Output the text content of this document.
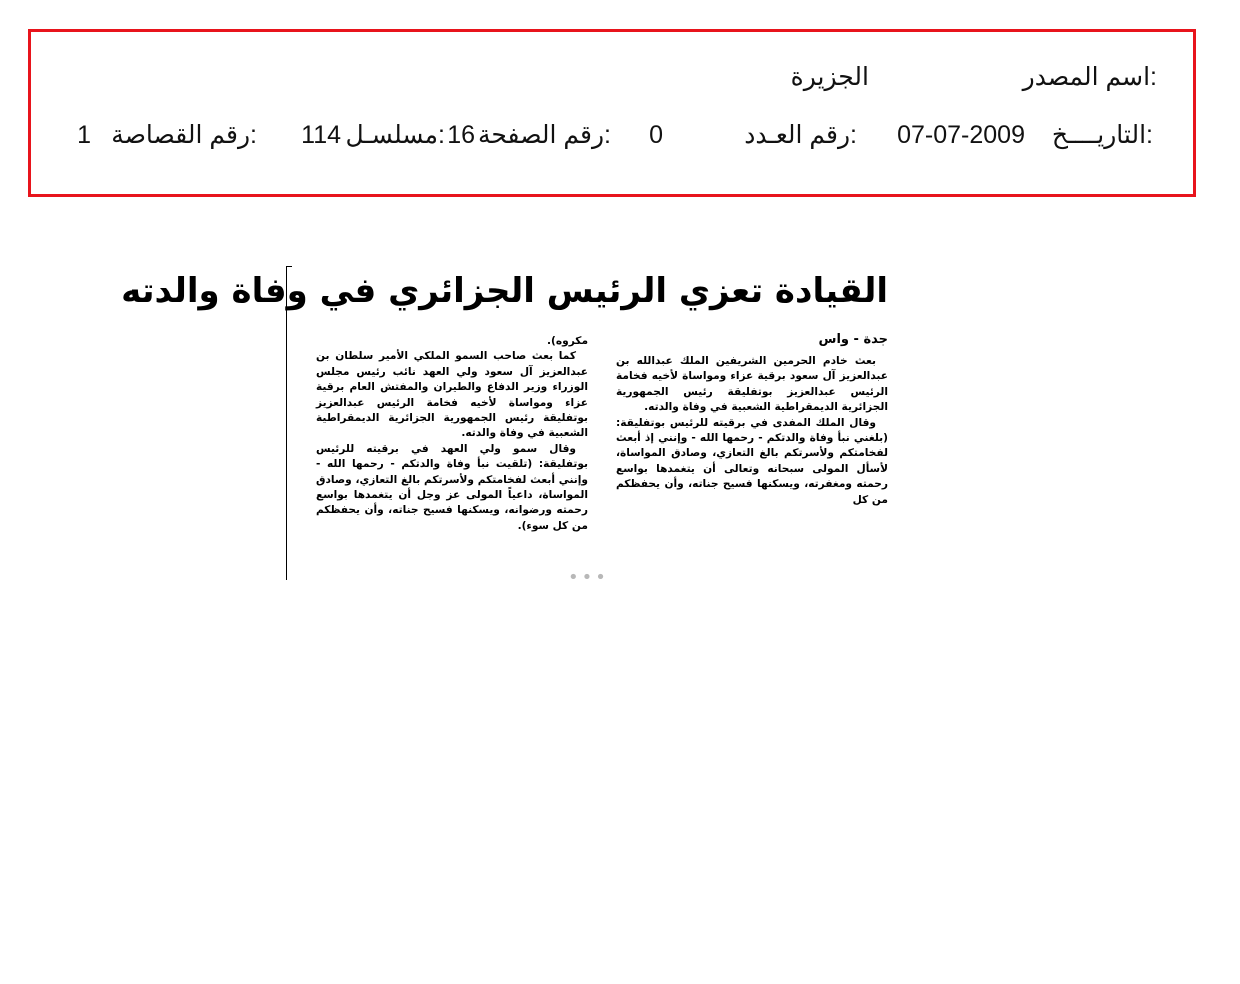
اسم المصدر:
الجزيرة
التاريــــخ:
07-07-2009
رقم العـدد:
0
رقم الصفحة:
16
مسلسـل:
114
رقم القصاصة:
1
القيادة تعزي الرئيس الجزائري في وفاة والدته
جدة - واس

بعث خادم الحرمين الشريفين الملك عبدالله بن عبدالعزيز آل سعود برقية عزاء ومواساة لأخيه فخامة الرئيس عبدالعزيز بوتفليقة رئيس الجمهورية الجزائرية الديمقراطية الشعبية في وفاة والدته.

وقال الملك المفدى في برقيته للرئيس بوتفليقة: (بلغني نبأ وفاة والدتكم - رحمها الله - وإنني إذ أبعث لفخامتكم ولأسرتكم بالغ التعازي، وصادق المواساة، لأسأل المولى سبحانه وتعالى أن يتغمدها بواسع رحمته ومغفرته، ويسكنها فسيح جناته، وأن يحفظكم من كل

مكروه).

كما بعث صاحب السمو الملكي الأمير سلطان بن عبدالعزيز آل سعود ولي العهد نائب رئيس مجلس الوزراء وزير الدفاع والطيران والمفتش العام برقية عزاء ومواساة لأخيه فخامة الرئيس عبدالعزيز بوتفليقة رئيس الجمهورية الجزائرية الديمقراطية الشعبية في وفاة والدته.

وقال سمو ولي العهد في برقيته للرئيس بوتفليقة: (تلقيت نبأ وفاة والدتكم - رحمها الله - وإنني أبعث لفخامتكم ولأسرتكم بالغ التعازي، وصادق المواساة، داعياً المولى عز وجل أن يتغمدها بواسع رحمته ورضوانه، ويسكنها فسيح جناته، وأن يحفظكم من كل سوء).

•••
